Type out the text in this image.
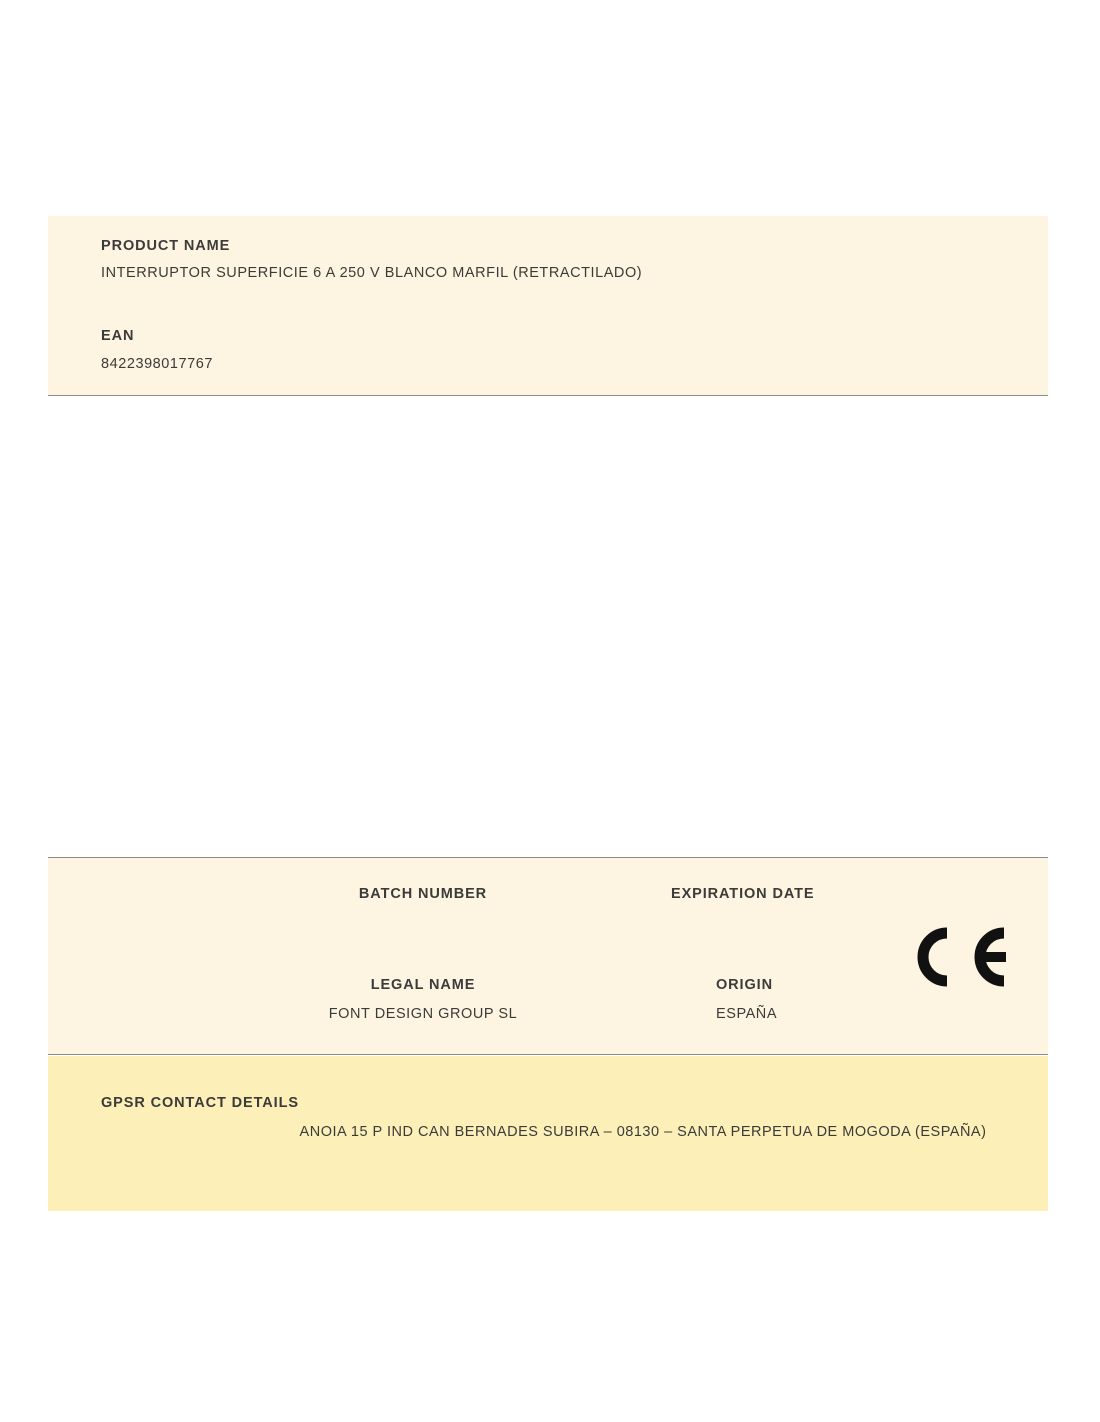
PRODUCT NAME
INTERRUPTOR SUPERFICIE 6 A 250 V BLANCO MARFIL (RETRACTILADO)
EAN
8422398017767
BATCH NUMBER	EXPIRATION DATE
LEGAL NAME
FONT DESIGN GROUP SL
ORIGIN
ESPAÑA
GPSR CONTACT DETAILS
ANOIA 15 P IND CAN BERNADES SUBIRA – 08130 – SANTA PERPETUA DE MOGODA (ESPAÑA)
